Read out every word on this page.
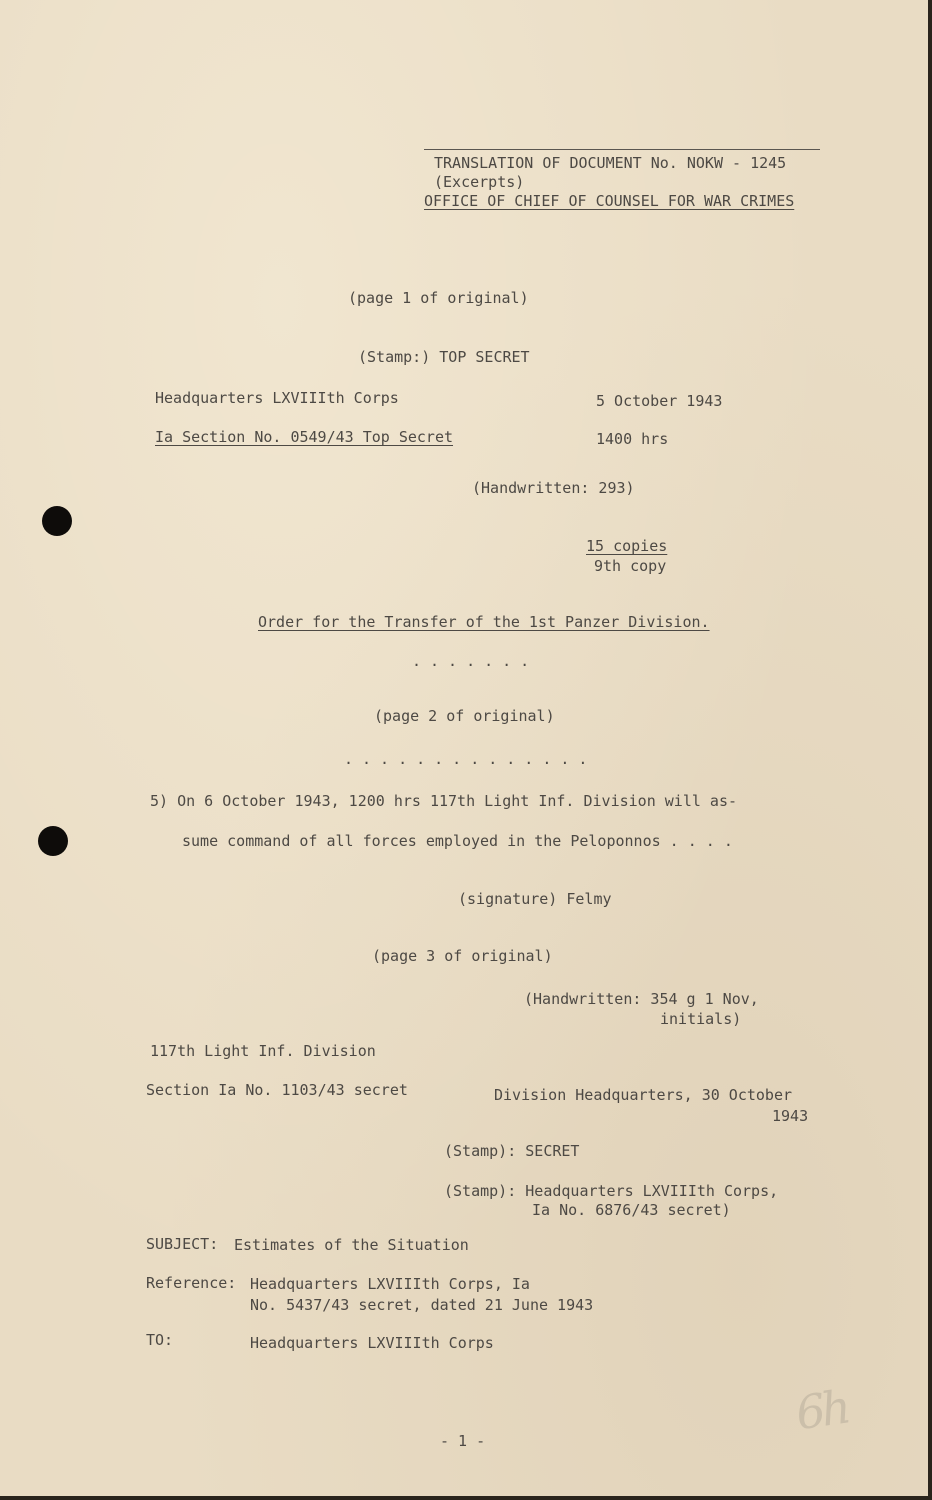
TRANSLATION OF DOCUMENT No. NOKW - 1245

(Excerpts)

OFFICE OF CHIEF OF COUNSEL FOR WAR CRIMES

(page 1 of original)

(Stamp:) TOP SECRET

Headquarters LXVIIIth Corps	5 October 1943

Ia Section No. 0549/43 Top Secret	1400 hrs

(Handwritten: 293)

15 copies

9th copy

Order for the Transfer of the 1st Panzer Division.

.......

(page 2 of original)

..............

5) On 6 October 1943, 1200 hrs 117th Light Inf. Division will as-

sume command of all forces employed in the Peloponnos . . . .

(signature) Felmy

(page 3 of original)

(Handwritten: 354 g 1 Nov,

initials)

117th Light Inf. Division

Section Ia No. 1103/43 secret	Division Headquarters, 30 October

1943

(Stamp): SECRET

(Stamp): Headquarters LXVIIIth Corps,

Ia No. 6876/43 secret)

SUBJECT: Estimates of the Situation

Reference: Headquarters LXVIIIth Corps, Ia

No. 5437/43 secret, dated 21 June 1943

TO:	Headquarters LXVIIIth Corps

- 1 -

6h
